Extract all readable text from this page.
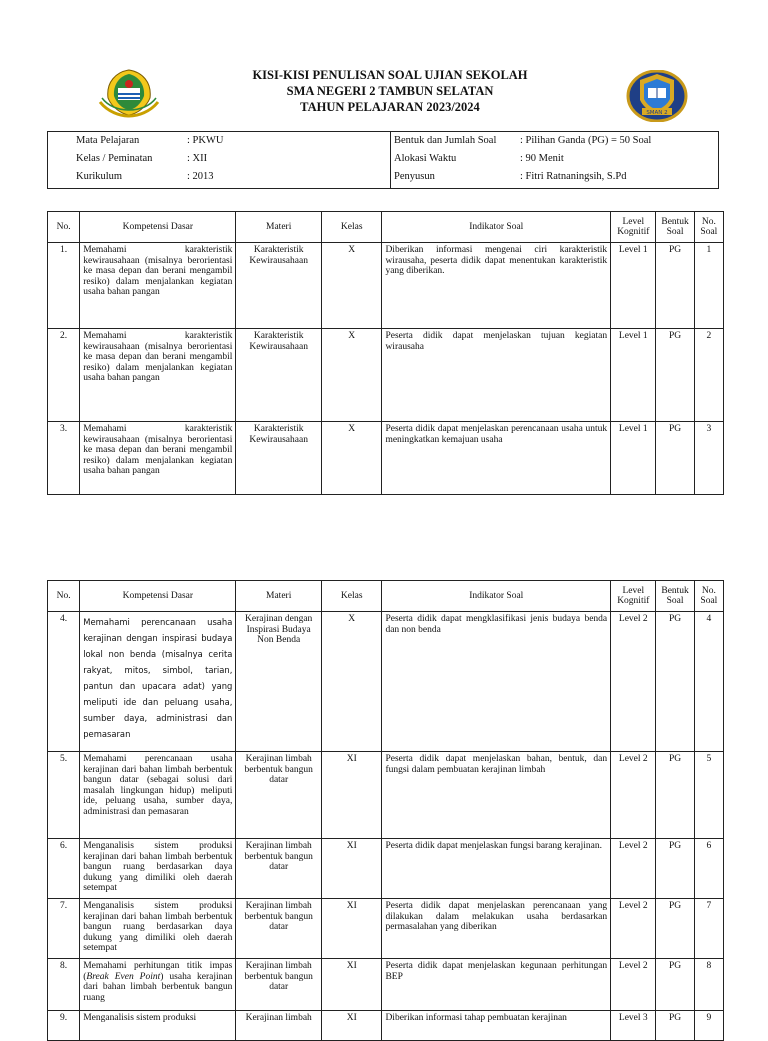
SMAN 2
KISI-KISI PENULISAN SOAL UJIAN SEKOLAH
SMA NEGERI 2 TAMBUN SELATAN
TAHUN PELAJARAN 2023/2024
Mata Pelajaran	: PKWU	Bentuk dan Jumlah Soal	: Pilihan Ganda (PG) = 50 Soal
Kelas / Peminatan	: XII	Alokasi Waktu	: 90 Menit
Kurikulum	: 2013	Penyusun	: Fitri Ratnaningsih, S.Pd
No.	Kompetensi Dasar	Materi	Kelas	Indikator Soal	Level Kognitif	Bentuk Soal	No. Soal
1.	Memahami karakteristik kewirausahaan (misalnya berorientasi ke masa depan dan berani mengambil resiko) dalam menjalankan kegiatan usaha bahan pangan	Karakteristik Kewirausahaan	X	Diberikan informasi mengenai ciri karakteristik wirausaha, peserta didik dapat menentukan karakteristik yang diberikan.	Level 1	PG	1
2.	Memahami karakteristik kewirausahaan (misalnya berorientasi ke masa depan dan berani mengambil resiko) dalam menjalankan kegiatan usaha bahan pangan	Karakteristik Kewirausahaan	X	Peserta didik dapat menjelaskan tujuan kegiatan wirausaha	Level 1	PG	2
3.	Memahami karakteristik kewirausahaan (misalnya berorientasi ke masa depan dan berani mengambil resiko) dalam menjalankan kegiatan usaha bahan pangan	Karakteristik Kewirausahaan	X	Peserta didik dapat menjelaskan perencanaan usaha untuk meningkatkan kemajuan usaha	Level 1	PG	3
No.	Kompetensi Dasar	Materi	Kelas	Indikator Soal	Level Kognitif	Bentuk Soal	No. Soal
4.	Memahami perencanaan usaha kerajinan dengan inspirasi budaya lokal non benda (misalnya cerita rakyat, mitos, simbol, tarian, pantun dan upacara adat) yang meliputi ide dan peluang usaha, sumber daya, administrasi dan pemasaran	Kerajinan dengan Inspirasi Budaya Non Benda	X	Peserta didik dapat mengklasifikasi jenis budaya benda dan non benda	Level 2	PG	4
5.	Memahami perencanaan usaha kerajinan dari bahan limbah berbentuk bangun datar (sebagai solusi dari masalah lingkungan hidup) meliputi ide, peluang usaha, sumber daya, administrasi dan pemasaran	Kerajinan limbah berbentuk bangun datar	XI	Peserta didik dapat menjelaskan bahan, bentuk, dan fungsi dalam pembuatan kerajinan limbah	Level 2	PG	5
6.	Menganalisis sistem produksi kerajinan dari bahan limbah berbentuk bangun ruang berdasarkan daya dukung yang dimiliki oleh daerah setempat	Kerajinan limbah berbentuk bangun datar	XI	Peserta didik dapat menjelaskan fungsi barang kerajinan.	Level 2	PG	6
7.	Menganalisis sistem produksi kerajinan dari bahan limbah berbentuk bangun ruang berdasarkan daya dukung yang dimiliki oleh daerah setempat	Kerajinan limbah berbentuk bangun datar	XI	Peserta didik dapat menjelaskan perencanaan yang dilakukan dalam melakukan usaha berdasarkan permasalahan yang diberikan	Level 2	PG	7
8.	Memahami perhitungan titik impas (Break Even Point) usaha kerajinan dari bahan limbah berbentuk bangun ruang	Kerajinan limbah berbentuk bangun datar	XI	Peserta didik dapat menjelaskan kegunaan perhitungan BEP	Level 2	PG	8
9.	Menganalisis sistem produksi	Kerajinan limbah	XI	Diberikan informasi tahap pembuatan kerajinan	Level 3	PG	9
